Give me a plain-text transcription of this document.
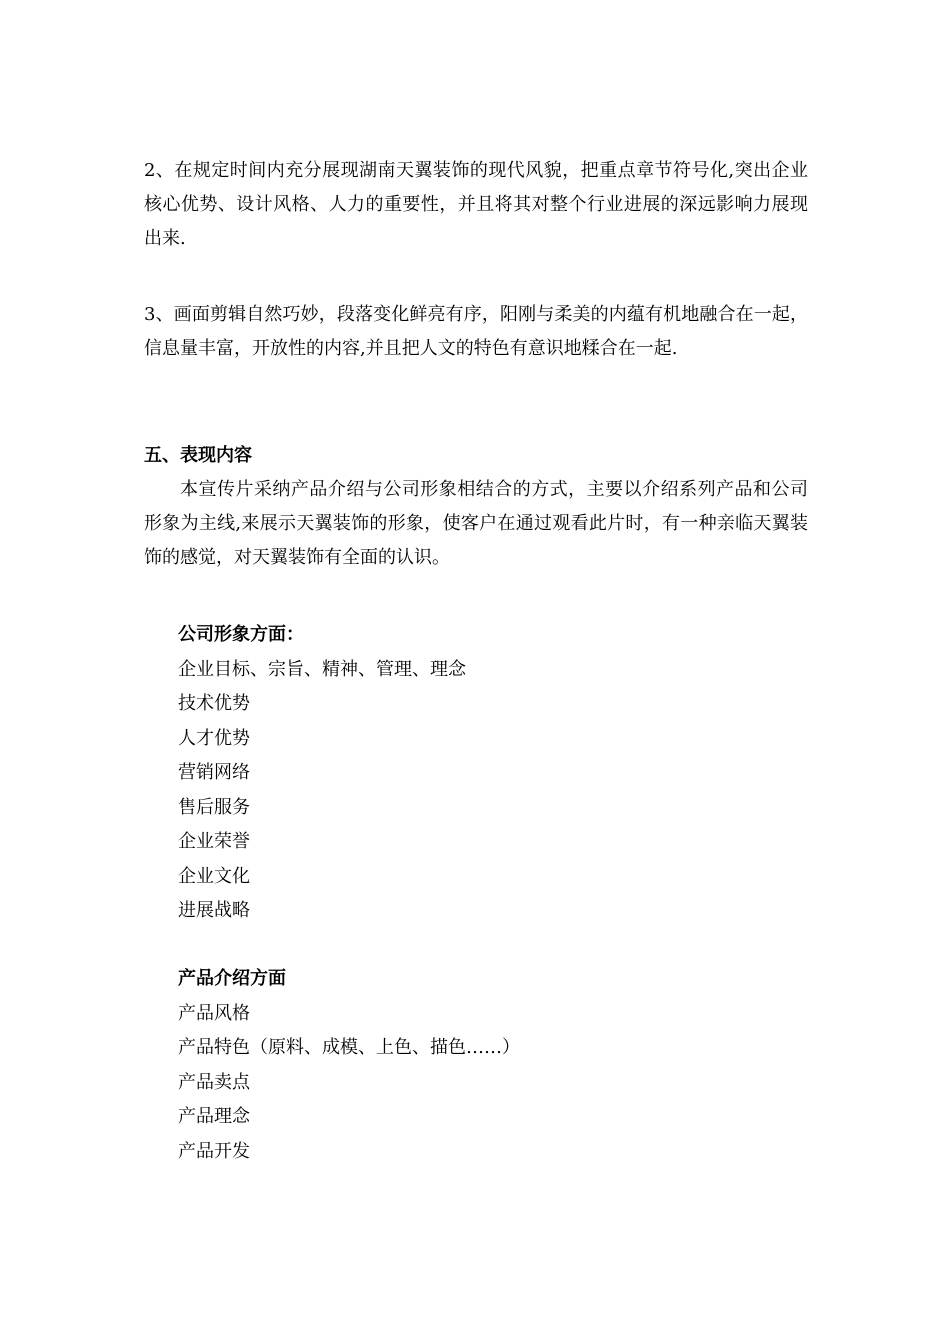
2、在规定时间内充分展现湖南天翼装饰的现代风貌，把重点章节符号化,突出企业核心优势、设计风格、人力的重要性，并且将其对整个行业进展的深远影响力展现出来.

3、画面剪辑自然巧妙，段落变化鲜亮有序，阳刚与柔美的内蕴有机地融合在一起，信息量丰富，开放性的内容,并且把人文的特色有意识地糅合在一起.

五、表现内容

本宣传片采纳产品介绍与公司形象相结合的方式，主要以介绍系列产品和公司形象为主线,来展示天翼装饰的形象，使客户在通过观看此片时，有一种亲临天翼装饰的感觉，对天翼装饰有全面的认识。

公司形象方面：
企业目标、宗旨、精神、管理、理念
技术优势
人才优势
营销网络
售后服务
企业荣誉
企业文化
进展战略
产品介绍方面
产品风格
产品特色（原料、成模、上色、描色……）
产品卖点
产品理念
产品开发
